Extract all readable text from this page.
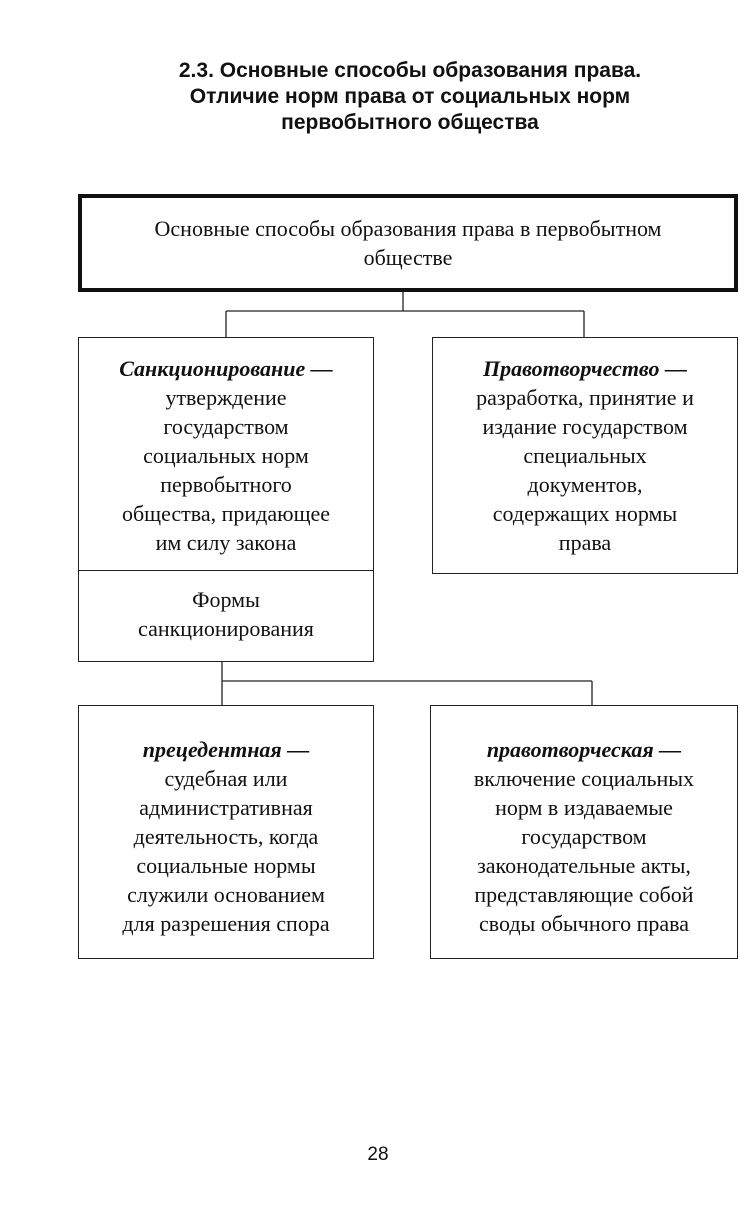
2.3. Основные способы образования права.
Отличие норм права от социальных норм
первобытного общества
Основные способы образования права в первобытном
обществе
Санкционирование —
утверждение
государством
социальных норм
первобытного
общества, придающее
им силу закона
Формы
санкционирования
Правотворчество —
разработка, принятие и
издание государством
специальных
документов,
содержащих нормы
права
прецедентная —
судебная или
административная
деятельность, когда
социальные нормы
служили основанием
для разрешения спора
правотворческая —
включение социальных
норм в издаваемые
государством
законодательные акты,
представляющие собой
своды обычного права
28
